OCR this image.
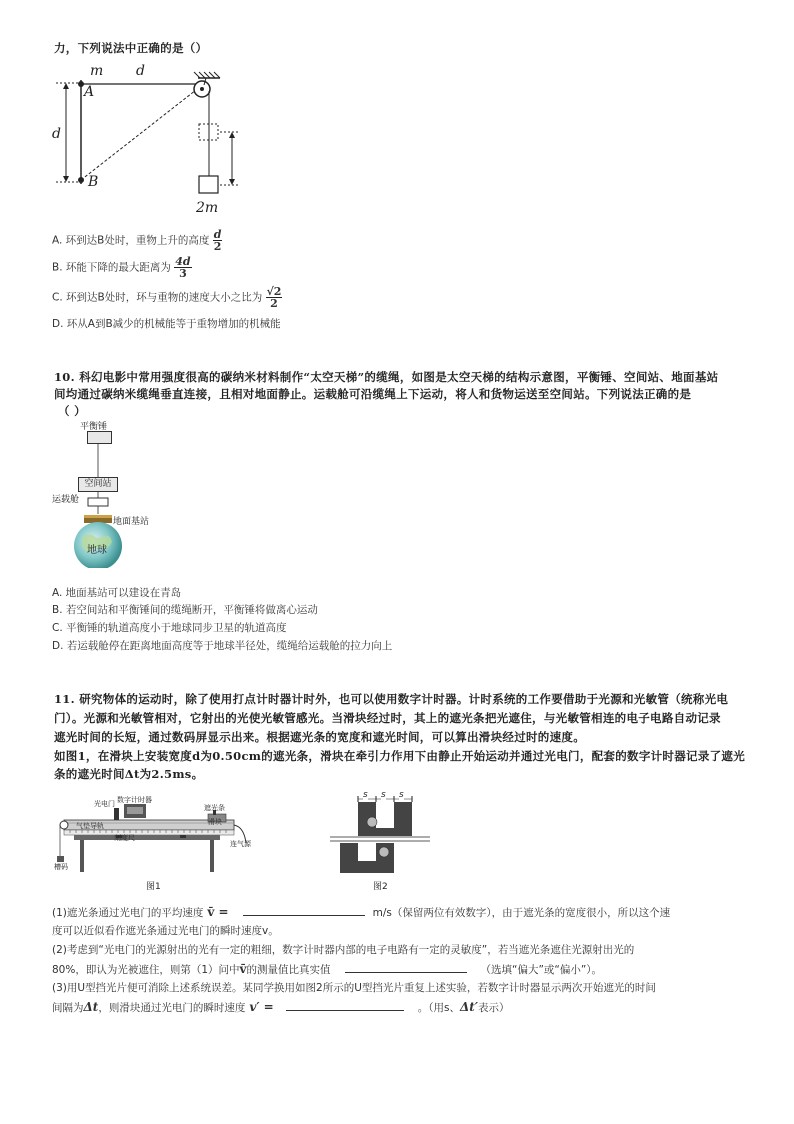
力，下列说法中正确的是（）
m d
A
d
B
2m
A. 环到达B处时，重物上升的高度 $\frac{d}{2}$
B. 环能下降的最大距离为 $\frac{4d}{3}$
C. 环到达B处时，环与重物的速度大小之比为 $\frac{√2}{2}$
D. 环从A到B减少的机械能等于重物增加的机械能
10. 科幻电影中常用强度很高的碳纳米材料制作“太空天梯”的缆绳，如图是太空天梯的结构示意图，平衡锤、空间站、地面基站
间均通过碳纳米缆绳垂直连接，且相对地面静止。运载舱可沿缆绳上下运动，将人和货物运送至空间站。下列说法正确的是
（ ）
平衡锤
空间站
运载舱
地面基站
地球
A. 地面基站可以建设在青岛
B. 若空间站和平衡锤间的缆绳断开，平衡锤将做离心运动
C. 平衡锤的轨道高度小于地球同步卫星的轨道高度
D. 若运载舱停在距离地面高度等于地球半径处，缆绳给运载舱的拉力向上
11. 研究物体的运动时，除了使用打点计时器计时外，也可以使用数字计时器。计时系统的工作要借助于光源和光敏管（统称光电
门）。光源和光敏管相对，它射出的光使光敏管感光。当滑块经过时，其上的遮光条把光遮住，与光敏管相连的电子电路自动记录
遮光时间的长短，通过数码屏显示出来。根据遮光条的宽度和遮光时间，可以算出滑块经过时的速度。
如图1，在滑块上安装宽度d为0.50cm的遮光条，滑块在牵引力作用下由静止开始运动并通过光电门，配套的数字计时器记录了遮光
条的遮光时间Δt为2.5ms。
数字计时器
光电门	遮光条
滑块
气垫导轨
刻度尺
连气源
槽码
图1
s s s
图2
(1)遮光条通过光电门的平均速度 v̄ =	m/s（保留两位有效数字），由于遮光条的宽度很小，所以这个速
度可以近似看作遮光条通过光电门的瞬时速度v。
(2)考虑到“光电门的光源射出的光有一定的粗细，数字计时器内部的电子电路有一定的灵敏度”，若当遮光条遮住光源射出光的
80%，即认为光被遮住，则第（1）问中v̄的测量值比真实值	（选填“偏大”或“偏小”）。
(3)用U型挡光片便可消除上述系统误差。某同学换用如图2所示的U型挡光片重复上述实验，若数字计时器显示两次开始遮光的时间
间隔为Δt，则滑块通过光电门的瞬时速度 v′ =	。（用s、Δt′表示）
